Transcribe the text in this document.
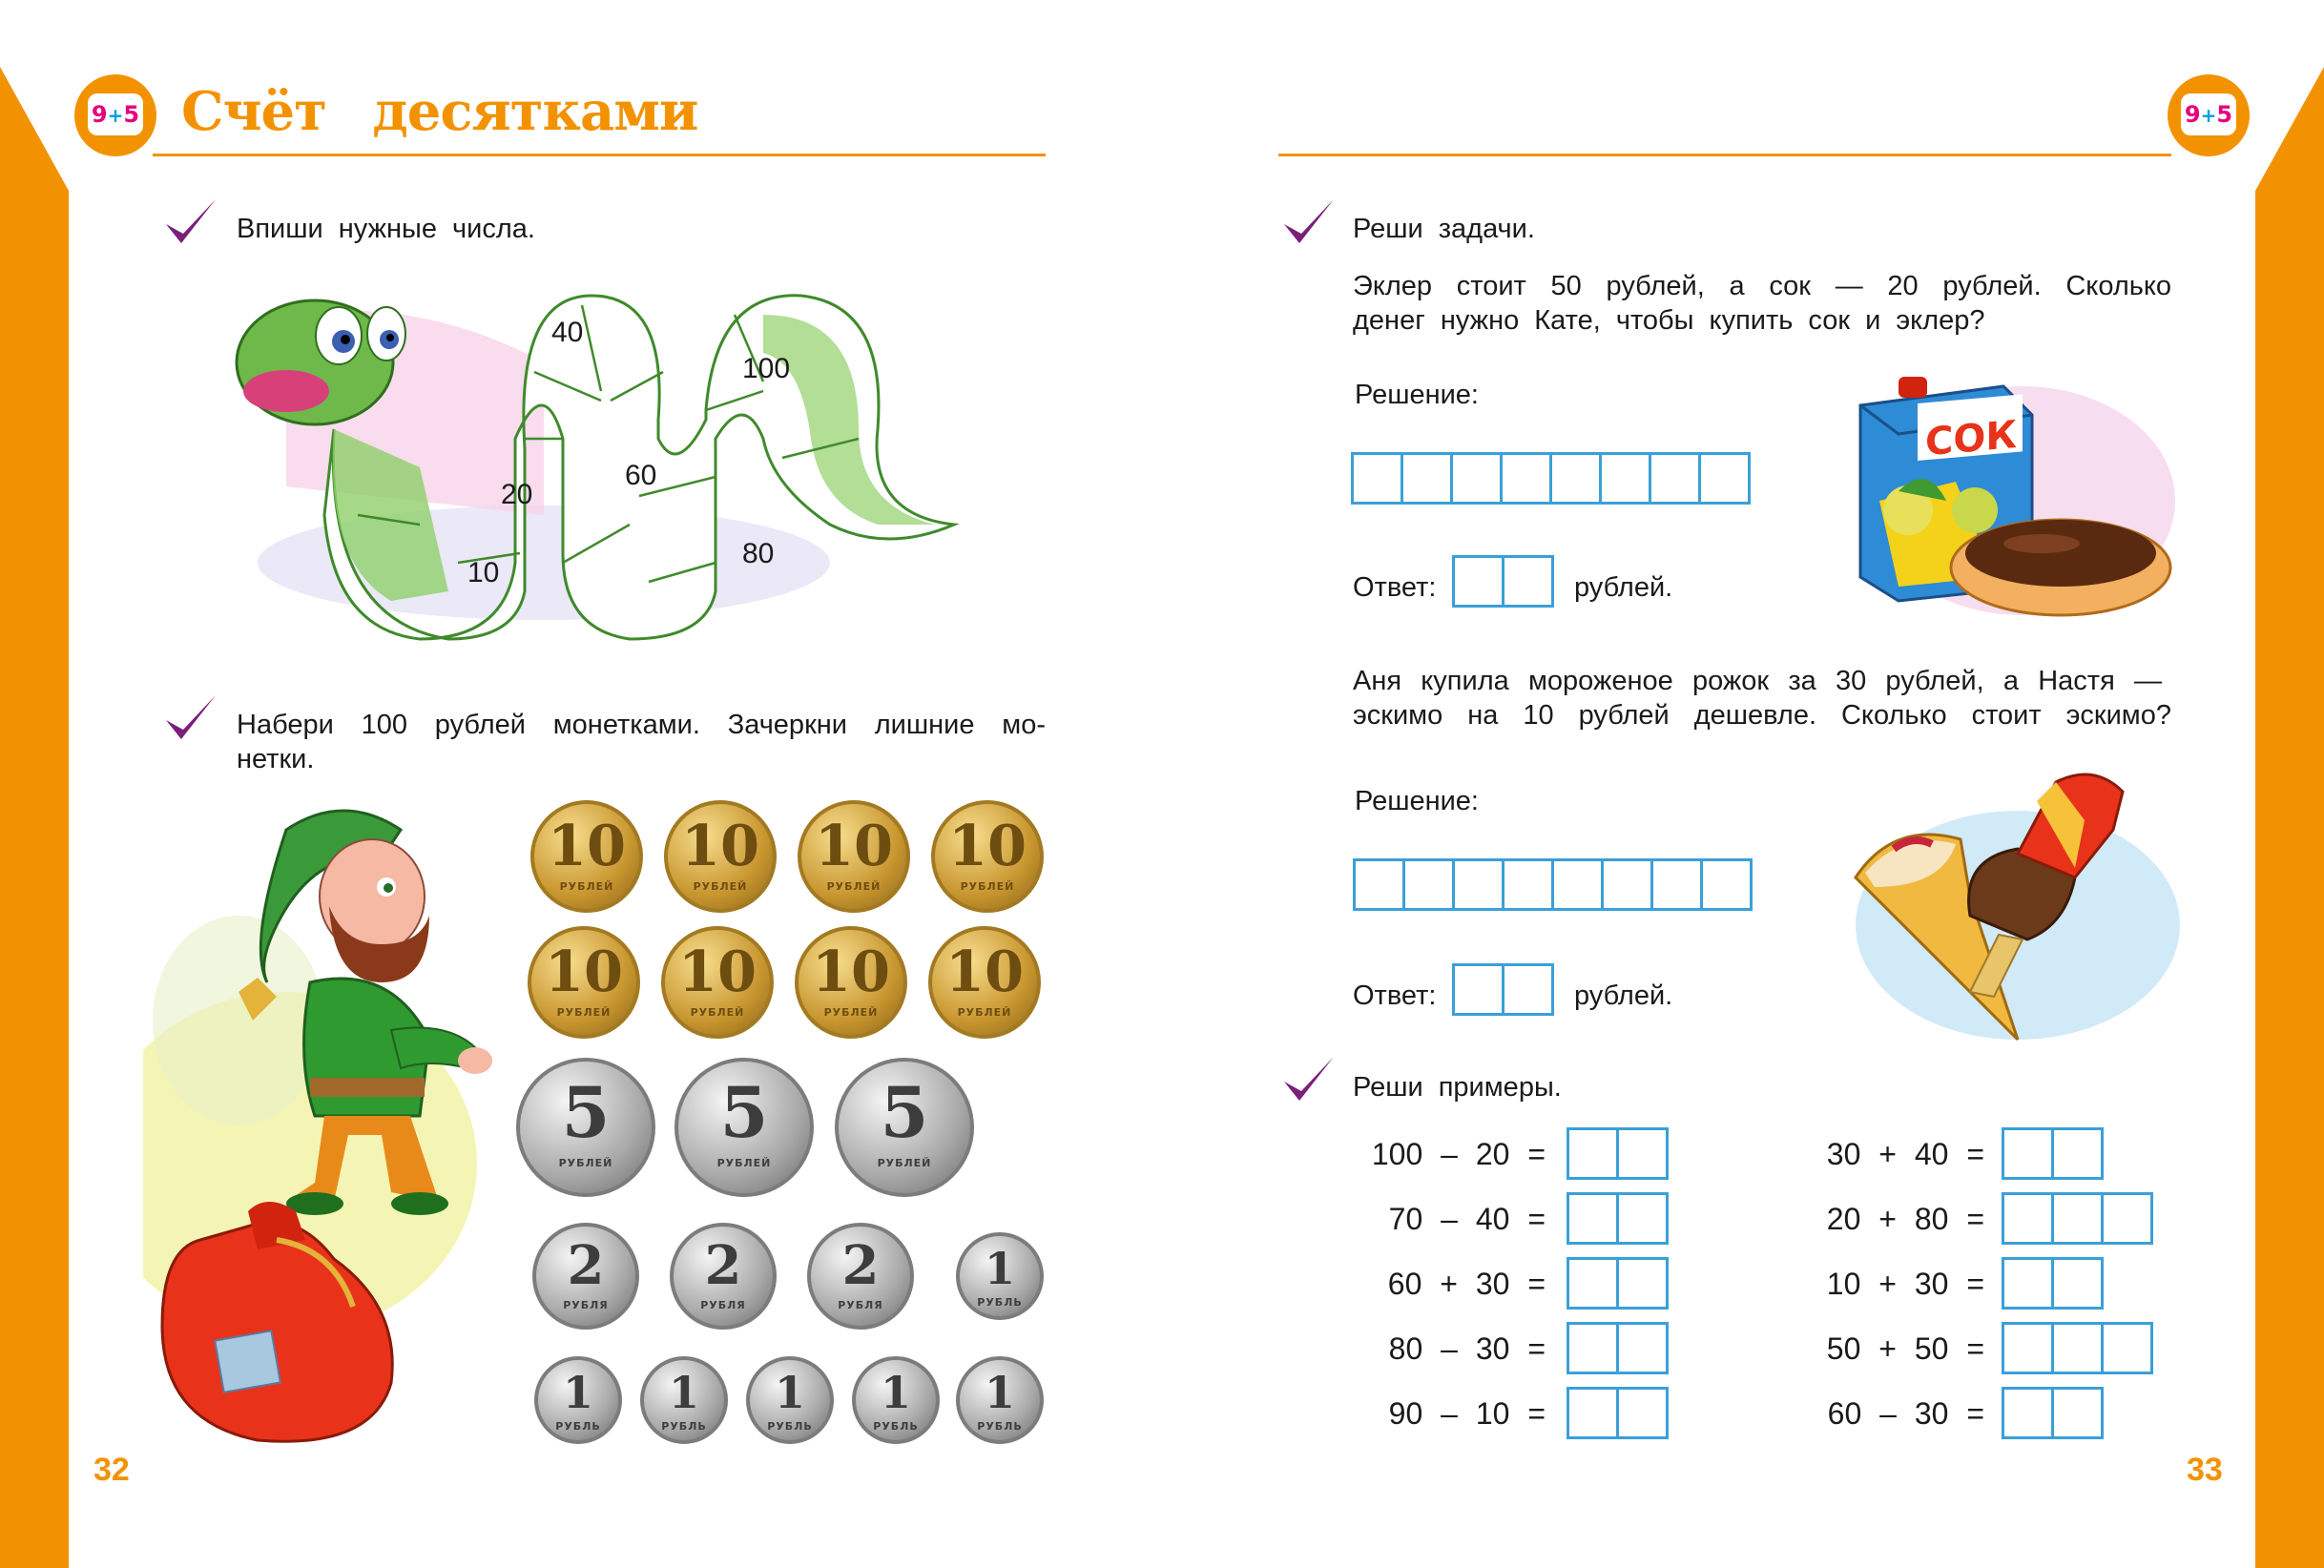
9+5 Счёт десятками	9+5
Впиши нужные числа.
10
20
40
60
80
100
Набери 100 рублей монетками. Зачеркни лишние мо-
нетки.
10
РУБЛЕЙ
10
РУБЛЕЙ
10
РУБЛЕЙ
10
РУБЛЕЙ
10
РУБЛЕЙ
10
РУБЛЕЙ
10
РУБЛЕЙ
10
РУБЛЕЙ
5
РУБЛЕЙ
5
РУБЛЕЙ
5
РУБЛЕЙ
2
РУБЛЯ
2
РУБЛЯ
2
РУБЛЯ
1
РУБЛЬ
1
РУБЛЬ
1
РУБЛЬ
1
РУБЛЬ
1
РУБЛЬ
1
РУБЛЬ
32
Реши задачи.
Эклер стоит 50 рублей, а сок — 20 рублей. Сколько
денег нужно Кате, чтобы купить сок и эклер?
Решение:
Ответ:	рублей.
СОК
Аня купила мороженое рожок за 30 рублей, а Настя —
эскимо на 10 рублей дешевле. Сколько стоит эскимо?
Решение:
Ответ:	рублей.
Реши примеры.
100 – 20 =
70 – 40 =
60 + 30 =
80 – 30 =
90 – 10 =
30 + 40 =
20 + 80 =
10 + 30 =
50 + 50 =
60 – 30 =
33
